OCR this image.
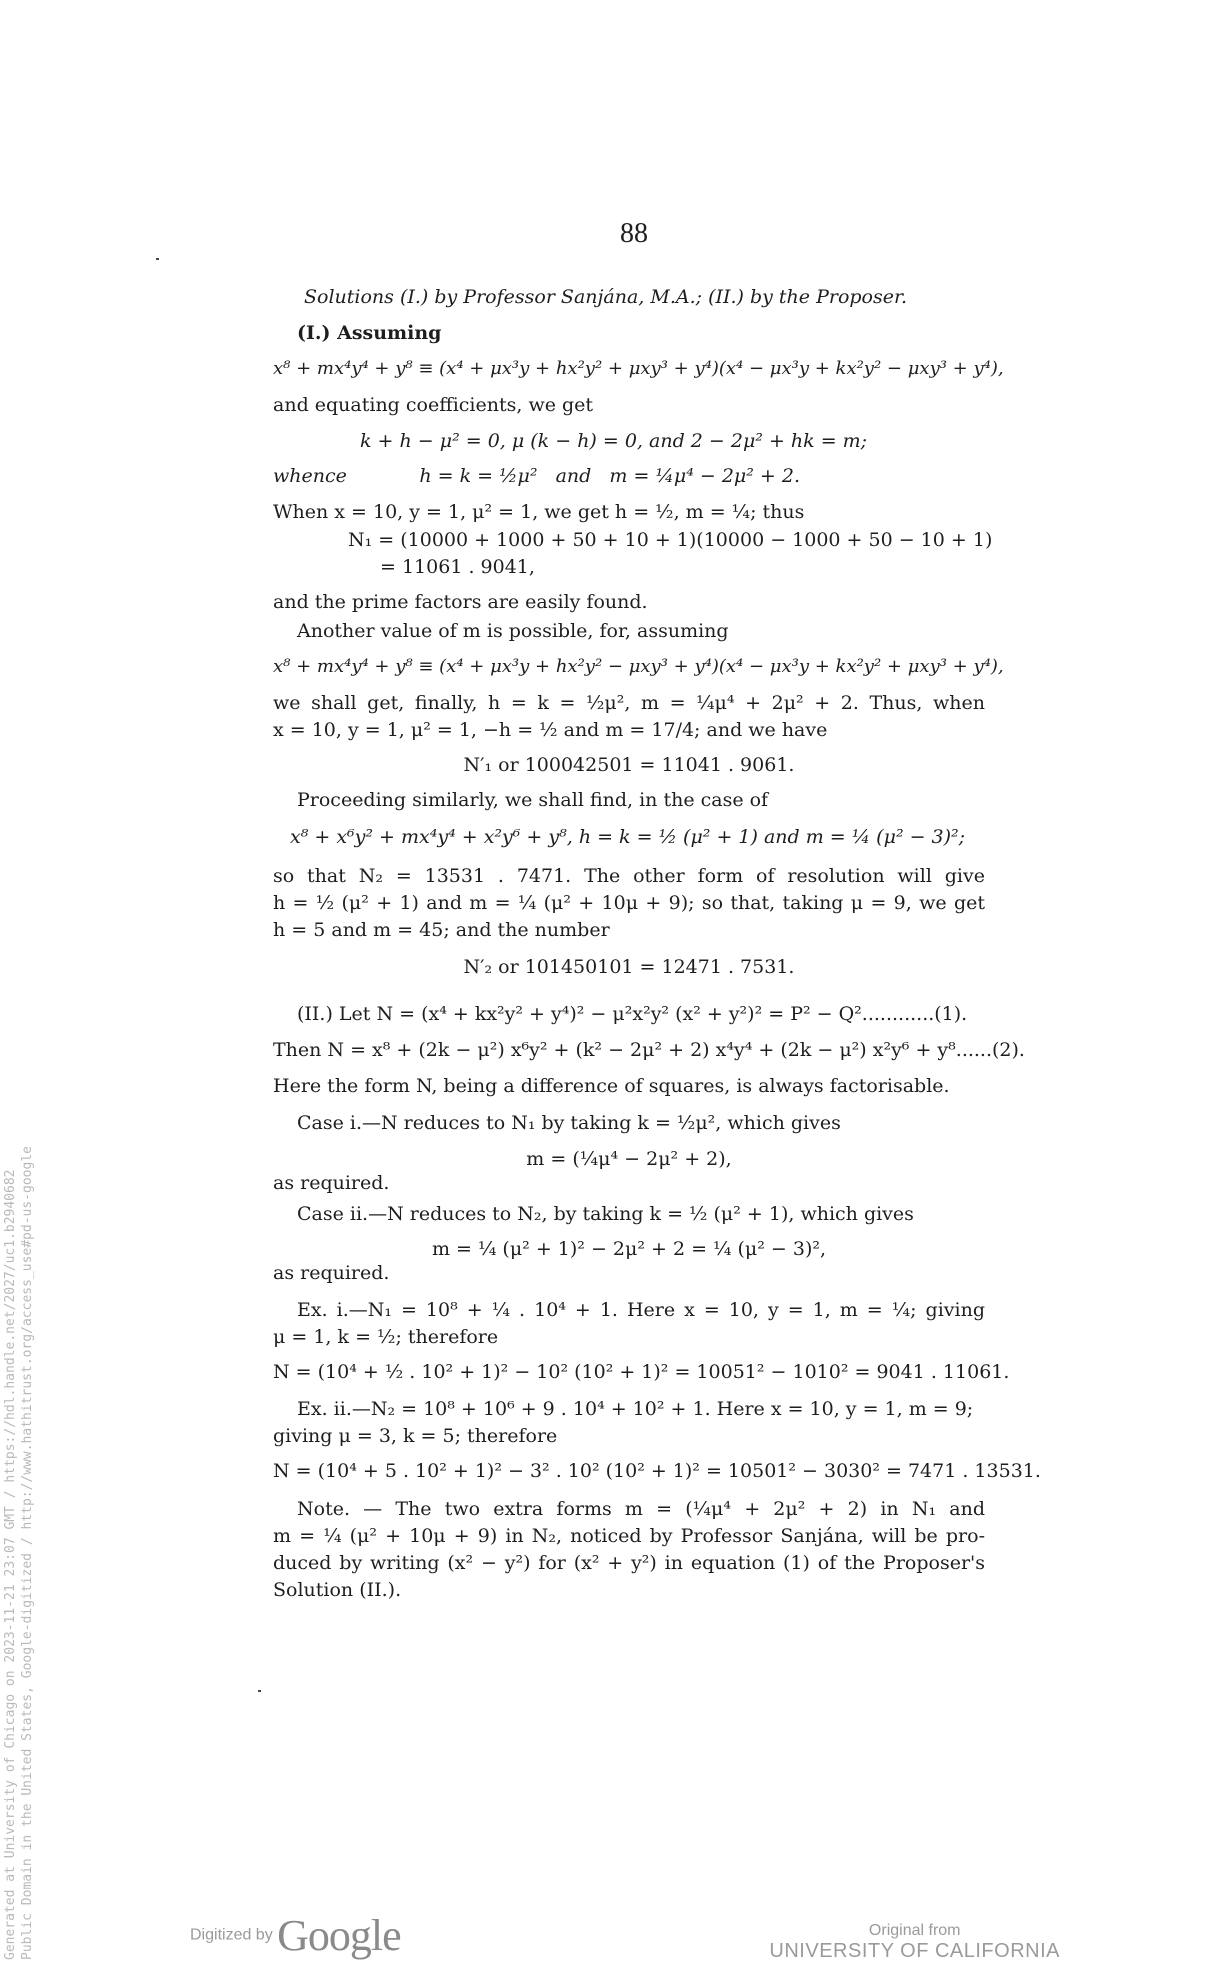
88
Solutions (I.) by Professor Sanjána, M.A.; (II.) by the Proposer.
(I.) Assuming
x⁸ + mx⁴y⁴ + y⁸ ≡ (x⁴ + μx³y + hx²y² + μxy³ + y⁴)(x⁴ − μx³y + kx²y² − μxy³ + y⁴),
and equating coefficients, we get
k + h − μ² = 0, μ (k − h) = 0, and 2 − 2μ² + hk = m;
whence            h = k = ½μ²   and   m = ¼μ⁴ − 2μ² + 2.
When x = 10, y = 1, μ² = 1, we get h = ½, m = ¼; thus
N₁ = (10000 + 1000 + 50 + 10 + 1)(10000 − 1000 + 50 − 10 + 1)
= 11061 . 9041,
and the prime factors are easily found.
Another value of m is possible, for, assuming
x⁸ + mx⁴y⁴ + y⁸ ≡ (x⁴ + μx³y + hx²y² − μxy³ + y⁴)(x⁴ − μx³y + kx²y² + μxy³ + y⁴),
we shall get, finally, h = k = ½μ², m = ¼μ⁴ + 2μ² + 2. Thus, when
x = 10, y = 1, μ² = 1, −h = ½ and m = 17/4; and we have
N′₁ or 100042501 = 11041 . 9061.
Proceeding similarly, we shall find, in the case of
x⁸ + x⁶y² + mx⁴y⁴ + x²y⁶ + y⁸, h = k = ½ (μ² + 1) and m = ¼ (μ² − 3)²;
so that N₂ = 13531 . 7471. The other form of resolution will give
h = ½ (μ² + 1) and m = ¼ (μ² + 10μ + 9); so that, taking μ = 9, we get
h = 5 and m = 45; and the number
N′₂ or 101450101 = 12471 . 7531.
(II.) Let N = (x⁴ + kx²y² + y⁴)² − μ²x²y² (x² + y²)² = P² − Q²............(1).
Then N = x⁸ + (2k − μ²) x⁶y² + (k² − 2μ² + 2) x⁴y⁴ + (2k − μ²) x²y⁶ + y⁸......(2).
Here the form N, being a difference of squares, is always factorisable.
Case i.—N reduces to N₁ by taking k = ½μ², which gives
m = (¼μ⁴ − 2μ² + 2),
as required.
Case ii.—N reduces to N₂, by taking k = ½ (μ² + 1), which gives
m = ¼ (μ² + 1)² − 2μ² + 2 = ¼ (μ² − 3)²,
as required.
Ex. i.—N₁ = 10⁸ + ¼ . 10⁴ + 1. Here x = 10, y = 1, m = ¼; giving
μ = 1, k = ½; therefore
N = (10⁴ + ½ . 10² + 1)² − 10² (10² + 1)² = 10051² − 1010² = 9041 . 11061.
Ex. ii.—N₂ = 10⁸ + 10⁶ + 9 . 10⁴ + 10² + 1. Here x = 10, y = 1, m = 9;
giving μ = 3, k = 5; therefore
N = (10⁴ + 5 . 10² + 1)² − 3² . 10² (10² + 1)² = 10501² − 3030² = 7471 . 13531.
Note. — The two extra forms m = (¼μ⁴ + 2μ² + 2) in N₁ and
m = ¼ (μ² + 10μ + 9) in N₂, noticed by Professor Sanjána, will be pro-
duced by writing (x² − y²) for (x² + y²) in equation (1) of the Proposer's
Solution (II.).
Generated at University of Chicago on 2023-11-21 23:07 GMT / https://hdl.handle.net/2027/uc1.b2940682 Public Domain in the United States, Google-digitized / http://www.hathitrust.org/access_use#pd-us-google	Digitized by Google	Original from
UNIVERSITY OF CALIFORNIA
